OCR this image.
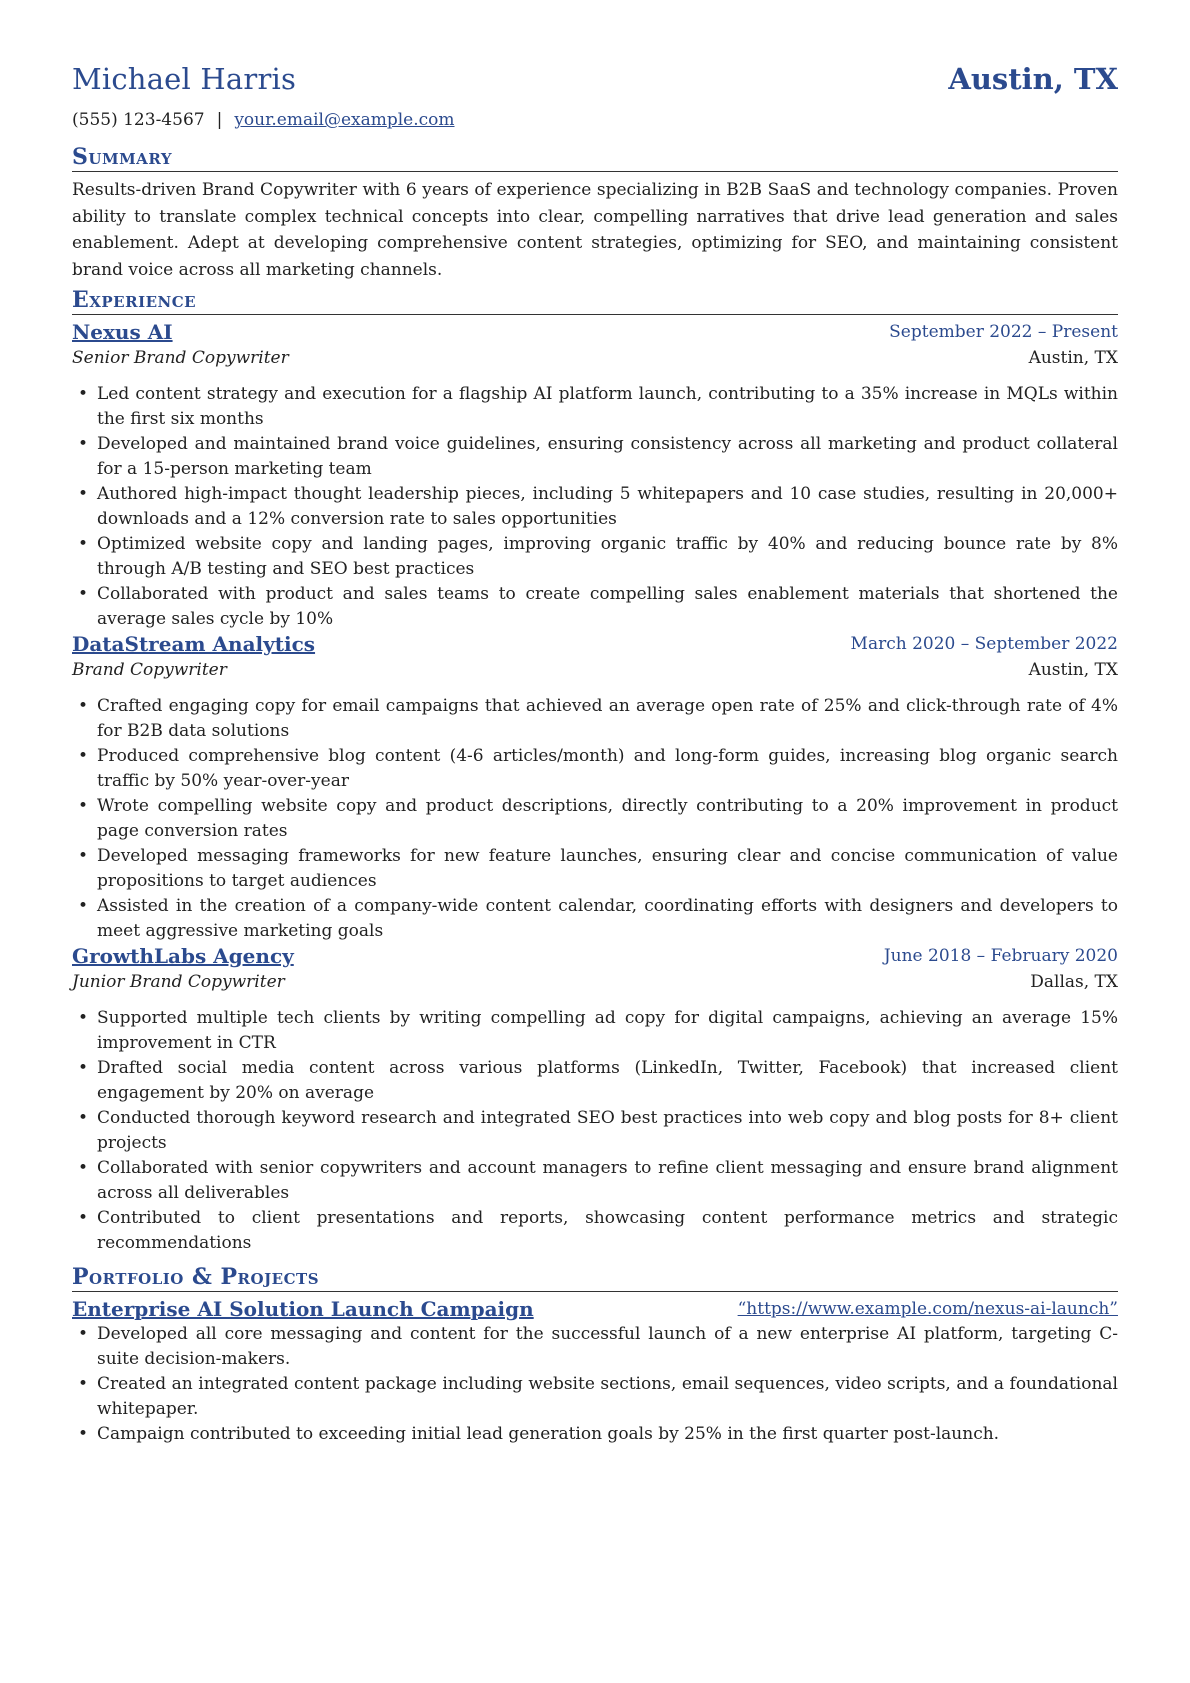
Michael Harris	Austin, TX
(555) 123-4567 | your.email@example.com
Summary
Results-driven Brand Copywriter with 6 years of experience specializing in B2B SaaS and technology companies. Proven ability to translate complex technical concepts into clear, compelling narratives that drive lead generation and sales enablement. Adept at developing comprehensive content strategies, optimizing for SEO, and maintaining consistent brand voice across all marketing channels.
Experience
Nexus AI	September 2022 – Present
Senior Brand Copywriter	Austin, TX
• Led content strategy and execution for a flagship AI platform launch, contributing to a 35% increase in MQLs within the first six months
• Developed and maintained brand voice guidelines, ensuring consistency across all marketing and product collateral for a 15-person marketing team
• Authored high-impact thought leadership pieces, including 5 whitepapers and 10 case studies, resulting in 20,000+ downloads and a 12% conversion rate to sales opportunities
• Optimized website copy and landing pages, improving organic traffic by 40% and reducing bounce rate by 8% through A/B testing and SEO best practices
• Collaborated with product and sales teams to create compelling sales enablement materials that shortened the average sales cycle by 10%
DataStream Analytics	March 2020 – September 2022
Brand Copywriter	Austin, TX
• Crafted engaging copy for email campaigns that achieved an average open rate of 25% and click-through rate of 4% for B2B data solutions
• Produced comprehensive blog content (4-6 articles/month) and long-form guides, increasing blog organic search traffic by 50% year-over-year
• Wrote compelling website copy and product descriptions, directly contributing to a 20% improvement in product page conversion rates
• Developed messaging frameworks for new feature launches, ensuring clear and concise communication of value propositions to target audiences
• Assisted in the creation of a company-wide content calendar, coordinating efforts with designers and developers to meet aggressive marketing goals
GrowthLabs Agency	June 2018 – February 2020
Junior Brand Copywriter	Dallas, TX
• Supported multiple tech clients by writing compelling ad copy for digital campaigns, achieving an average 15% improvement in CTR
• Drafted social media content across various platforms (LinkedIn, Twitter, Facebook) that increased client engagement by 20% on average
• Conducted thorough keyword research and integrated SEO best practices into web copy and blog posts for 8+ client projects
• Collaborated with senior copywriters and account managers to refine client messaging and ensure brand alignment across all deliverables
• Contributed to client presentations and reports, showcasing content performance metrics and strategic recommendations
Portfolio & Projects
Enterprise AI Solution Launch Campaign	“https://www.example.com/nexus-ai-launch”
• Developed all core messaging and content for the successful launch of a new enterprise AI platform, targeting C-suite decision-makers.
• Created an integrated content package including website sections, email sequences, video scripts, and a foundational whitepaper.
• Campaign contributed to exceeding initial lead generation goals by 25% in the first quarter post-launch.
